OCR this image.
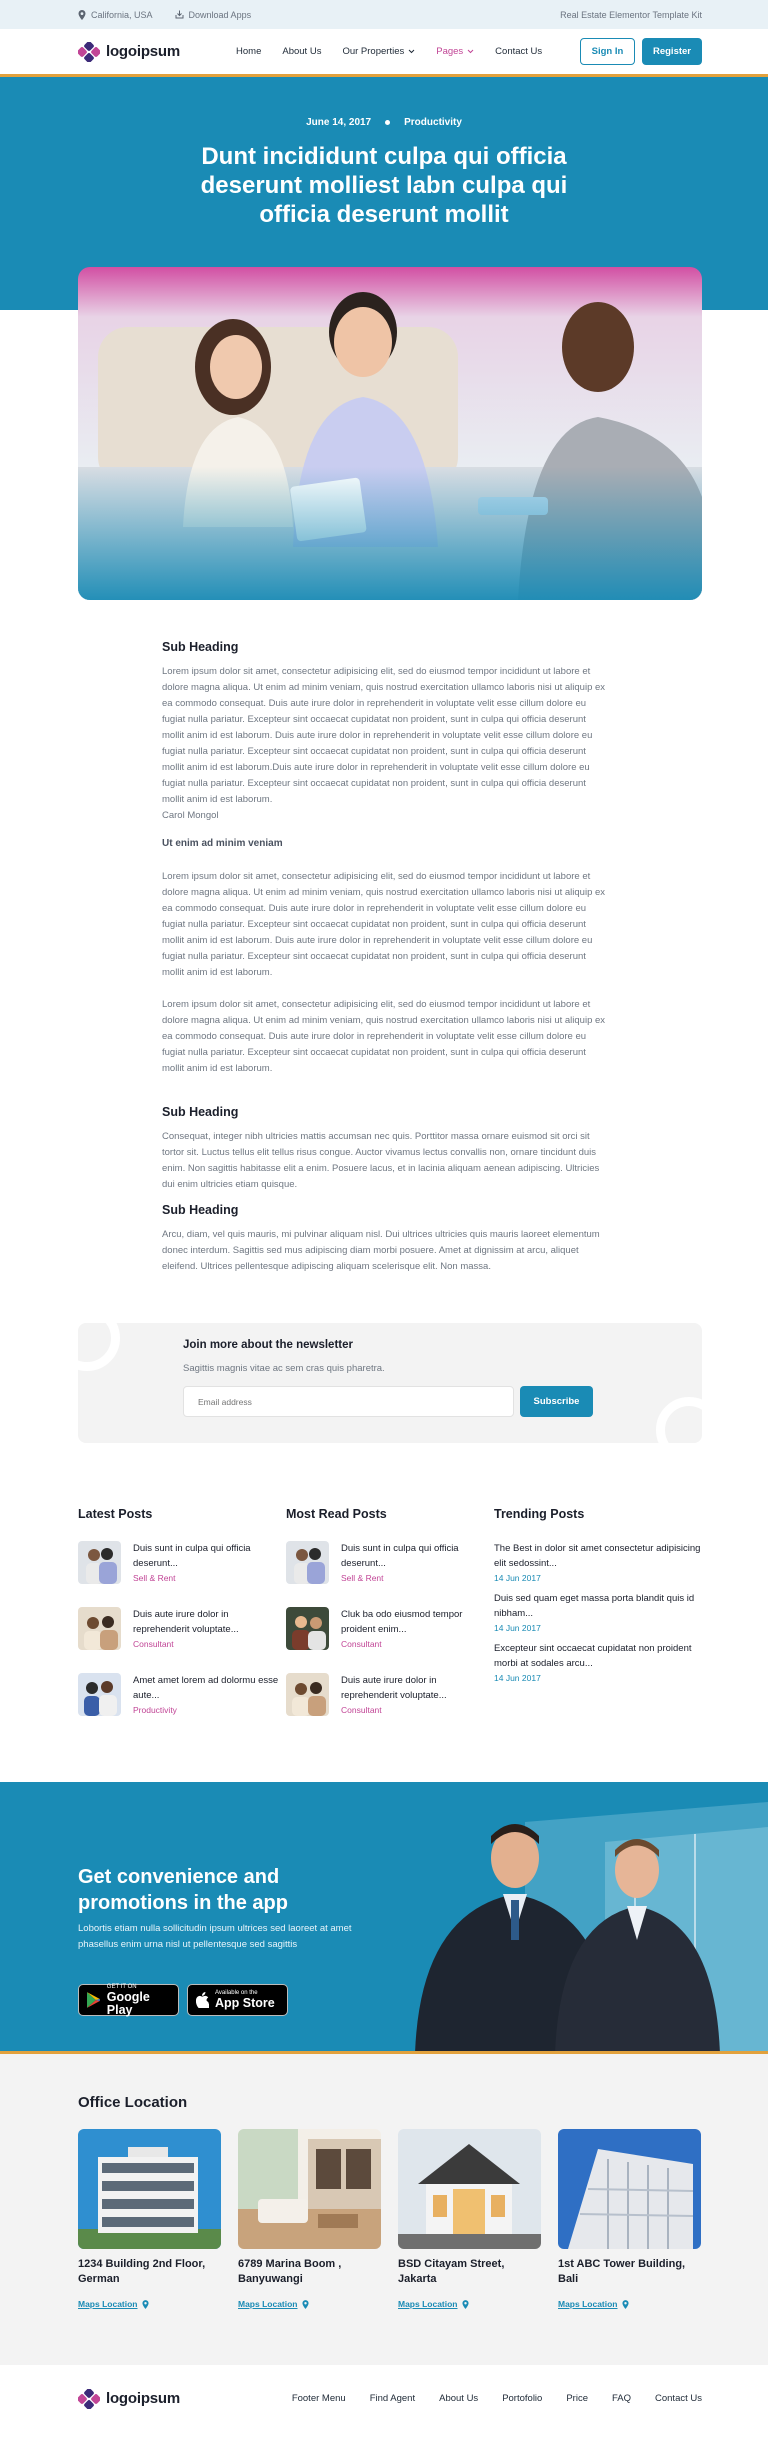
California, USA	Download Apps	Real Estate Elementor Template Kit
logoipsum	Home About Us Our Properties	Pages	Contact Us	Sign In	Register
June 14, 2017	Productivity
Dunt incididunt culpa qui officia deserunt molliest labn culpa qui officia deserunt mollit
Sub Heading

Lorem ipsum dolor sit amet, consectetur adipisicing elit, sed do eiusmod tempor incididunt ut labore et dolore magna aliqua. Ut enim ad minim veniam, quis nostrud exercitation ullamco laboris nisi ut aliquip ex ea commodo consequat. Duis aute irure dolor in reprehenderit in voluptate velit esse cillum dolore eu fugiat nulla pariatur. Excepteur sint occaecat cupidatat non proident, sunt in culpa qui officia deserunt mollit anim id est laborum. Duis aute irure dolor in reprehenderit in voluptate velit esse cillum dolore eu fugiat nulla pariatur. Excepteur sint occaecat cupidatat non proident, sunt in culpa qui officia deserunt mollit anim id est laborum.Duis aute irure dolor in reprehenderit in voluptate velit esse cillum dolore eu fugiat nulla pariatur. Excepteur sint occaecat cupidatat non proident, sunt in culpa qui officia deserunt mollit anim id est laborum.

Carol Mongol

Ut enim ad minim veniam

Lorem ipsum dolor sit amet, consectetur adipisicing elit, sed do eiusmod tempor incididunt ut labore et dolore magna aliqua. Ut enim ad minim veniam, quis nostrud exercitation ullamco laboris nisi ut aliquip ex ea commodo consequat. Duis aute irure dolor in reprehenderit in voluptate velit esse cillum dolore eu fugiat nulla pariatur. Excepteur sint occaecat cupidatat non proident, sunt in culpa qui officia deserunt mollit anim id est laborum. Duis aute irure dolor in reprehenderit in voluptate velit esse cillum dolore eu fugiat nulla pariatur. Excepteur sint occaecat cupidatat non proident, sunt in culpa qui officia deserunt mollit anim id est laborum.

Lorem ipsum dolor sit amet, consectetur adipisicing elit, sed do eiusmod tempor incididunt ut labore et dolore magna aliqua. Ut enim ad minim veniam, quis nostrud exercitation ullamco laboris nisi ut aliquip ex ea commodo consequat. Duis aute irure dolor in reprehenderit in voluptate velit esse cillum dolore eu fugiat nulla pariatur. Excepteur sint occaecat cupidatat non proident, sunt in culpa qui officia deserunt mollit anim id est laborum.

Sub Heading

Consequat, integer nibh ultricies mattis accumsan nec quis. Porttitor massa ornare euismod sit orci sit tortor sit. Luctus tellus elit tellus risus congue. Auctor vivamus lectus convallis non, ornare tincidunt duis enim. Non sagittis habitasse elit a enim. Posuere lacus, et in lacinia aliquam aenean adipiscing. Ultricies dui enim ultricies etiam quisque.

Sub Heading

Arcu, diam, vel quis mauris, mi pulvinar aliquam nisl. Dui ultrices ultricies quis mauris laoreet elementum donec interdum. Sagittis sed mus adipiscing diam morbi posuere. Amet at dignissim at arcu, aliquet eleifend. Ultrices pellentesque adipiscing aliquam scelerisque elit. Non massa.

Join more about the newsletter
Sagittis magnis vitae ac sem cras quis pharetra.
Email address
Subscribe
Latest Posts
Duis sunt in culpa qui officia deserunt...
Sell & Rent
Duis aute irure dolor in reprehenderit voluptate...
Consultant
Amet amet lorem ad dolormu esse aute...
Productivity
Most Read Posts
Duis sunt in culpa qui officia deserunt...
Sell & Rent
Cluk ba odo eiusmod tempor proident enim...
Consultant
Duis aute irure dolor in reprehenderit voluptate...
Consultant
Trending Posts
The Best in dolor sit amet consectetur adipisicing elit sedossint...
14 Jun 2017
Duis sed quam eget massa porta blandit quis id nibham...
14 Jun 2017
Excepteur sint occaecat cupidatat non proident morbi at sodales arcu...
14 Jun 2017
Get convenience and promotions in the app

Lobortis etiam nulla sollicitudin ipsum ultrices sed laoreet at amet phasellus enim urna nisl ut pellentesque sed sagittis

GET IT ON
Google Play
Available on the
App Store
Office Location
1234 Building 2nd Floor, German
Maps Location
6789 Marina Boom , Banyuwangi
Maps Location
BSD Citayam Street, Jakarta
Maps Location
1st ABC Tower Building, Bali
Maps Location
logoipsum	Footer Menu	Find Agent	About Us	Portofolio	Price	FAQ	Contact Us
